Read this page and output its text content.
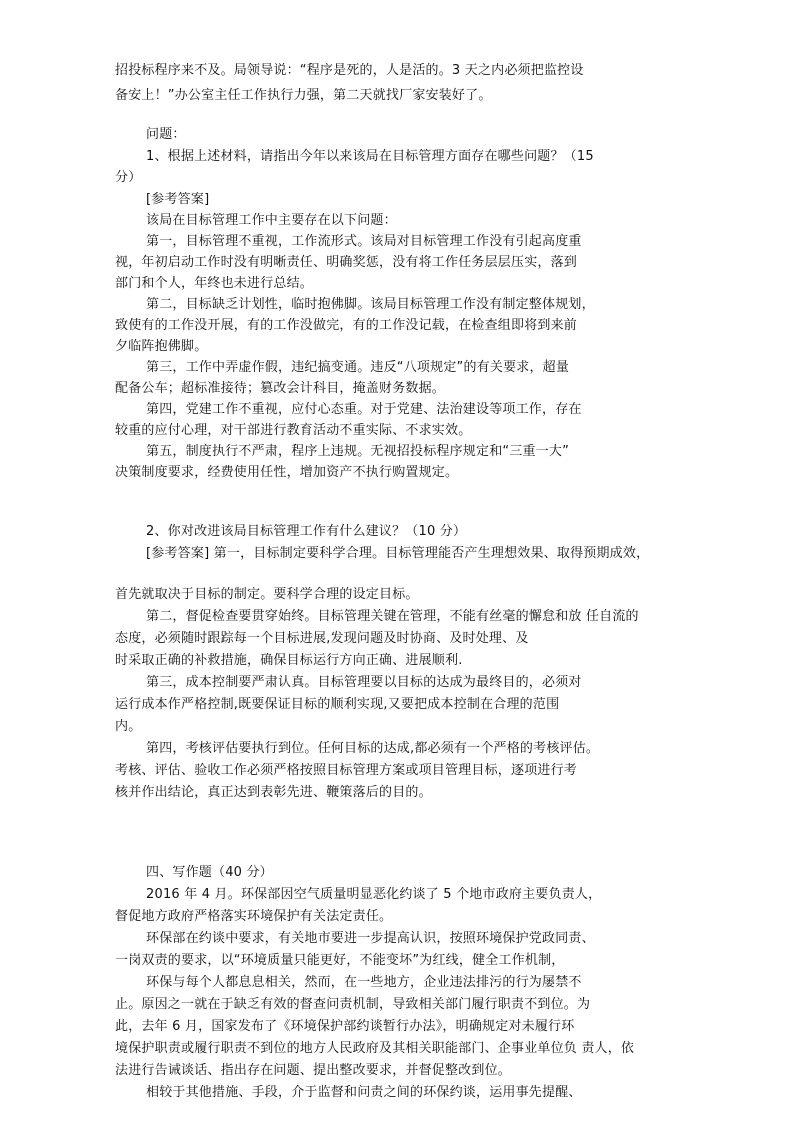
招投标程序来不及。局领导说：“程序是死的，人是活的。3 天之内必须把监控设
备安上！”办公室主任工作执行力强，第二天就找厂家安装好了。
问题：
1、根据上述材料，请指出今年以来该局在目标管理方面存在哪些问题？（15
分）
[参考答案]
该局在目标管理工作中主要存在以下问题：
第一，目标管理不重视，工作流形式。该局对目标管理工作没有引起高度重
视，年初启动工作时没有明晰责任、明确奖惩，没有将工作任务层层压实，落到
部门和个人，年终也未进行总结。
第二，目标缺乏计划性，临时抱佛脚。该局目标管理工作没有制定整体规划，
致使有的工作没开展，有的工作没做完，有的工作没记载，在检查组即将到来前
夕临阵抱佛脚。
第三，工作中弄虚作假，违纪搞变通。违反“八项规定”的有关要求，超量
配备公车；超标准接待；篡改会计科目，掩盖财务数据。
第四，党建工作不重视，应付心态重。对于党建、法治建设等项工作，存在
较重的应付心理，对干部进行教育活动不重实际、不求实效。
第五，制度执行不严肃，程序上违规。无视招投标程序规定和“三重一大”
决策制度要求，经费使用任性，增加资产不执行购置规定。
2、你对改进该局目标管理工作有什么建议？（10 分）
[参考答案] 第一，目标制定要科学合理。目标管理能否产生理想效果、取得预期成效，
首先就取决于目标的制定。要科学合理的设定目标。
第二，督促检查要贯穿始终。目标管理关键在管理，不能有丝毫的懈怠和放 任自流的
态度，必须随时跟踪每一个目标进展,发现问题及时协商、及时处理、及
时采取正确的补救措施，确保目标运行方向正确、进展顺利.
第三，成本控制要严肃认真。目标管理要以目标的达成为最终目的，必须对
运行成本作严格控制,既要保证目标的顺利实现,又要把成本控制在合理的范围
内。
第四，考核评估要执行到位。任何目标的达成,都必须有一个严格的考核评估。
考核、评估、验收工作必须严格按照目标管理方案或项目管理目标，逐项进行考
核并作出结论，真正达到表彰先进、鞭策落后的目的。
四、写作题（40 分）
2016 年 4 月。环保部因空气质量明显恶化约谈了 5 个地市政府主要负责人，
督促地方政府严格落实环境保护有关法定责任。
环保部在约谈中要求，有关地市要进一步提高认识，按照环境保护党政同责、
一岗双责的要求，以“环境质量只能更好，不能变坏”为红线，健全工作机制，
环保与每个人都息息相关，然而，在一些地方，企业违法排污的行为屡禁不
止。原因之一就在于缺乏有效的督查问责机制，导致相关部门履行职责不到位。为
此，去年 6 月，国家发布了《环境保护部约谈暂行办法》，明确规定对未履行环
境保护职责或履行职责不到位的地方人民政府及其相关职能部门、企事业单位负 责人，依
法进行告诫谈话、指出存在问题、提出整改要求，并督促整改到位。
相较于其他措施、手段，介于监督和问责之间的环保约谈，运用事先提醒、
